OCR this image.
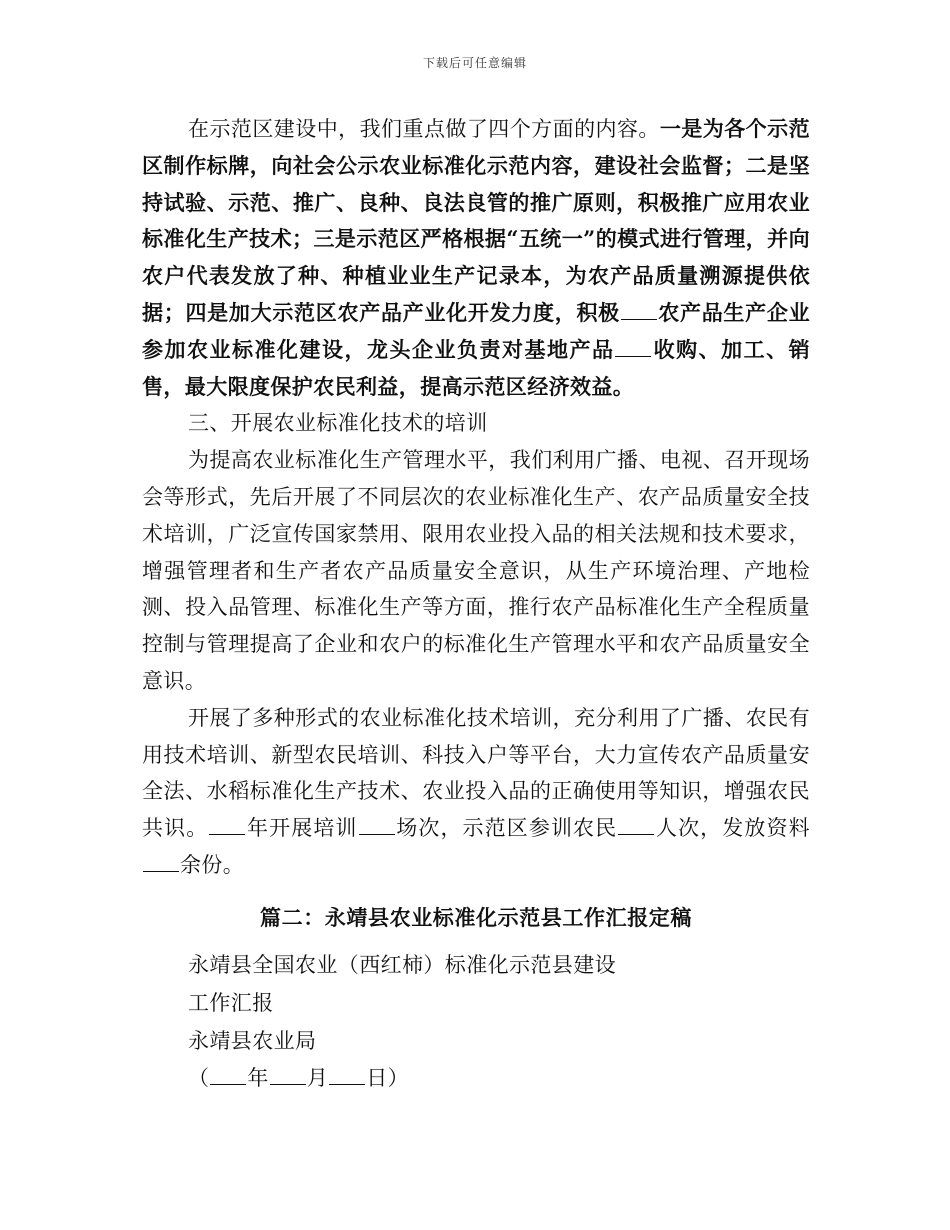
下载后可任意编辑

在示范区建设中，我们重点做了四个方面的内容。一是为各个示范区制作标牌，向社会公示农业标准化示范内容，建设社会监督；二是坚持试验、示范、推广、良种、良法良管的推广原则，积极推广应用农业标准化生产技术；三是示范区严格根据“五统一”的模式进行管理，并向农户代表发放了种、种植业业生产记录本，为农产品质量溯源提供依据；四是加大示范区农产品产业化开发力度，积极 农产品生产企业参加农业标准化建设，龙头企业负责对基地产品 收购、加工、销售，最大限度保护农民利益，提高示范区经济效益。

三、开展农业标准化技术的培训

为提高农业标准化生产管理水平，我们利用广播、电视、召开现场会等形式，先后开展了不同层次的农业标准化生产、农产品质量安全技术培训，广泛宣传国家禁用、限用农业投入品的相关法规和技术要求，增强管理者和生产者农产品质量安全意识，从生产环境治理、产地检测、投入品管理、标准化生产等方面，推行农产品标准化生产全程质量控制与管理提高了企业和农户的标准化生产管理水平和农产品质量安全意识。

开展了多种形式的农业标准化技术培训，充分利用了广播、农民有用技术培训、新型农民培训、科技入户等平台，大力宣传农产品质量安全法、水稻标准化生产技术、农业投入品的正确使用等知识，增强农民共识。 年开展培训 场次，示范区参训农民 人次，发放资料余份。

篇二：永靖县农业标准化示范县工作汇报定稿

永靖县全国农业（西红柿）标准化示范县建设

工作汇报

永靖县农业局

（ 年 月 日）
